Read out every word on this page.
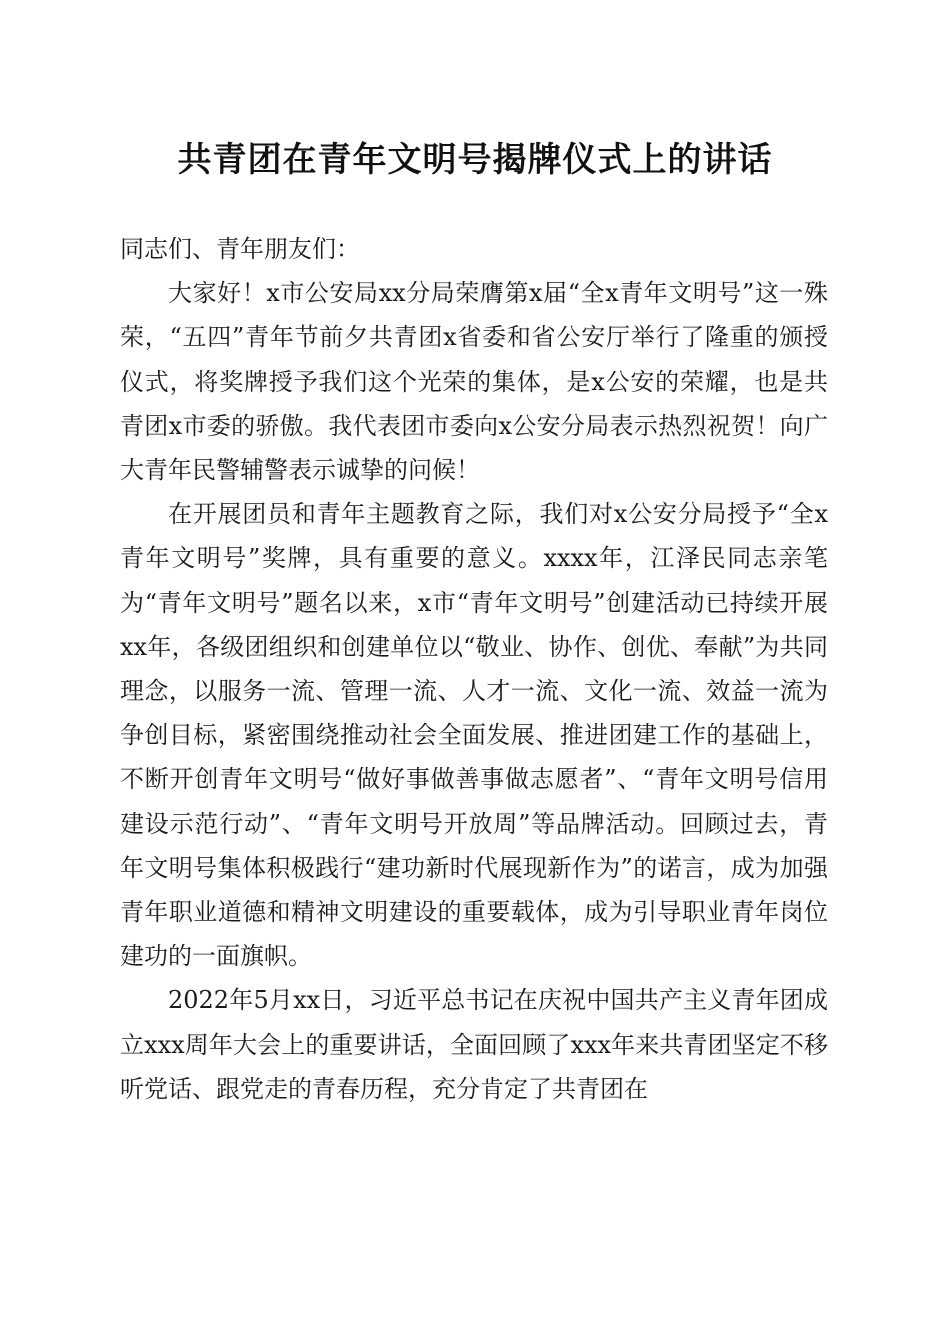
共青团在青年文明号揭牌仪式上的讲话

同志们、青年朋友们：

大家好！x市公安局xx分局荣膺第x届“全x青年文明号”这一殊荣，“五四”青年节前夕共青团x省委和省公安厅举行了隆重的颁授仪式，将奖牌授予我们这个光荣的集体，是x公安的荣耀，也是共青团x市委的骄傲。我代表团市委向x公安分局表示热烈祝贺！向广大青年民警辅警表示诚挚的问候！

在开展团员和青年主题教育之际，我们对x公安分局授予“全x青年文明号”奖牌，具有重要的意义。xxxx年，江泽民同志亲笔为“青年文明号”题名以来，x市“青年文明号”创建活动已持续开展xx年，各级团组织和创建单位以“敬业、协作、创优、奉献”为共同理念，以服务一流、管理一流、人才一流、文化一流、效益一流为争创目标，紧密围绕推动社会全面发展、推进团建工作的基础上，不断开创青年文明号“做好事做善事做志愿者”、“青年文明号信用建设示范行动”、“青年文明号开放周”等品牌活动。回顾过去，青年文明号集体积极践行“建功新时代展现新作为”的诺言，成为加强青年职业道德和精神文明建设的重要载体，成为引导职业青年岗位建功的一面旗帜。

2022年5月xx日，习近平总书记在庆祝中国共产主义青年团成立xxx周年大会上的重要讲话，全面回顾了xxx年来共青团坚定不移听党话、跟党走的青春历程，充分肯定了共青团在
